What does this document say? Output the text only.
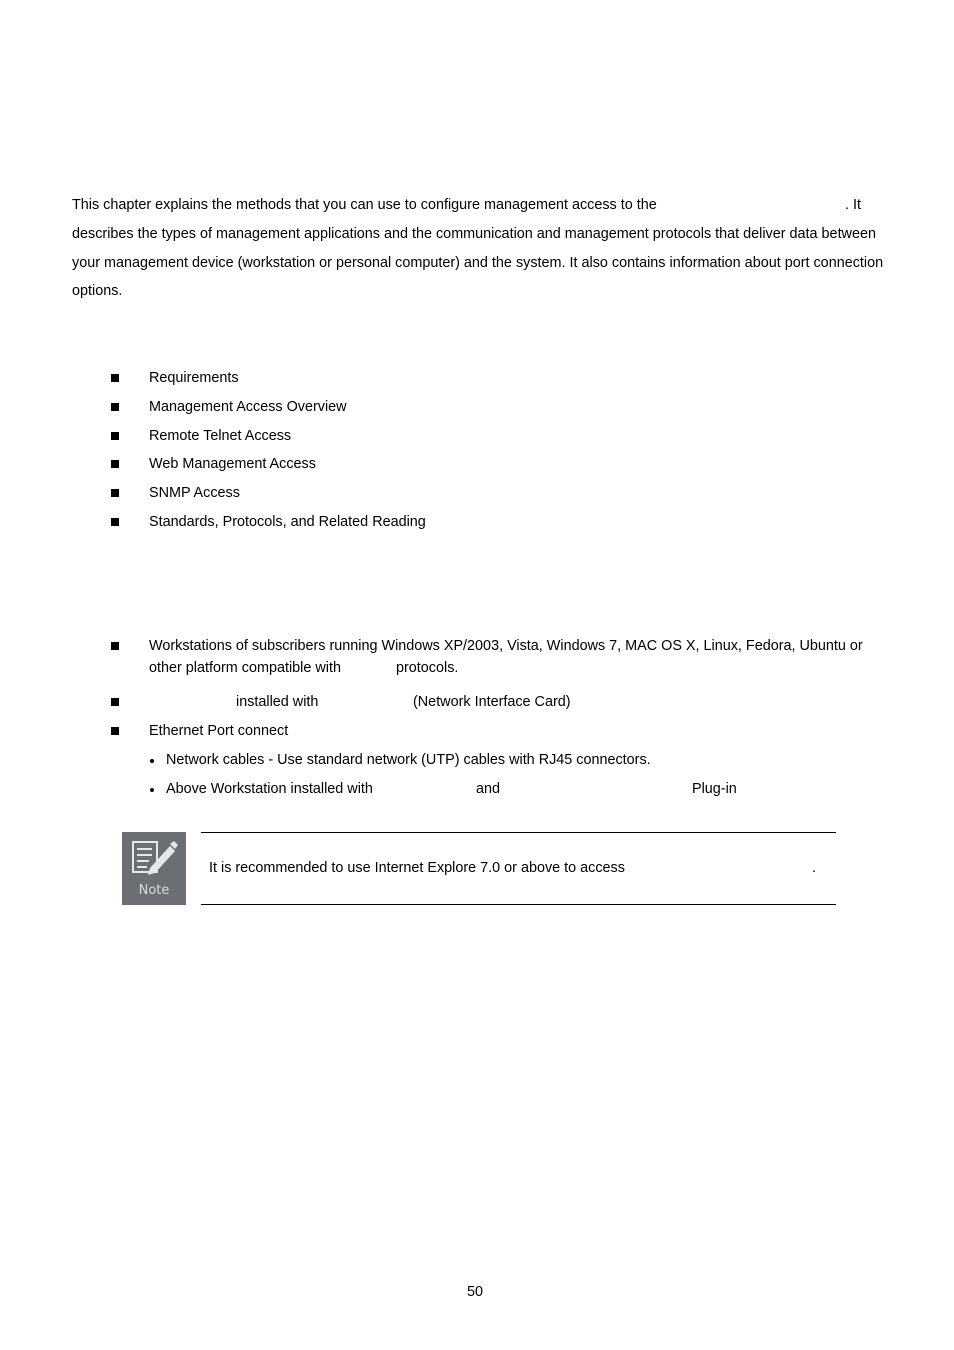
This chapter explains the methods that you can use to configure management access to the	. It
describes the types of management applications and the communication and management protocols that deliver data between
your management device (workstation or personal computer) and the system. It also contains information about port connection
options.
Requirements
Management Access Overview
Remote Telnet Access
Web Management Access
SNMP Access
Standards, Protocols, and Related Reading
Workstations of subscribers running Windows XP/2003, Vista, Windows 7, MAC OS X, Linux, Fedora, Ubuntu or
other platform compatible with	protocols.
installed with	(Network Interface Card)
Ethernet Port connect
Network cables - Use standard network (UTP) cables with RJ45 connectors.
Above Workstation installed with	and	Plug-in
Note
It is recommended to use Internet Explore 7.0 or above to access	.
50
